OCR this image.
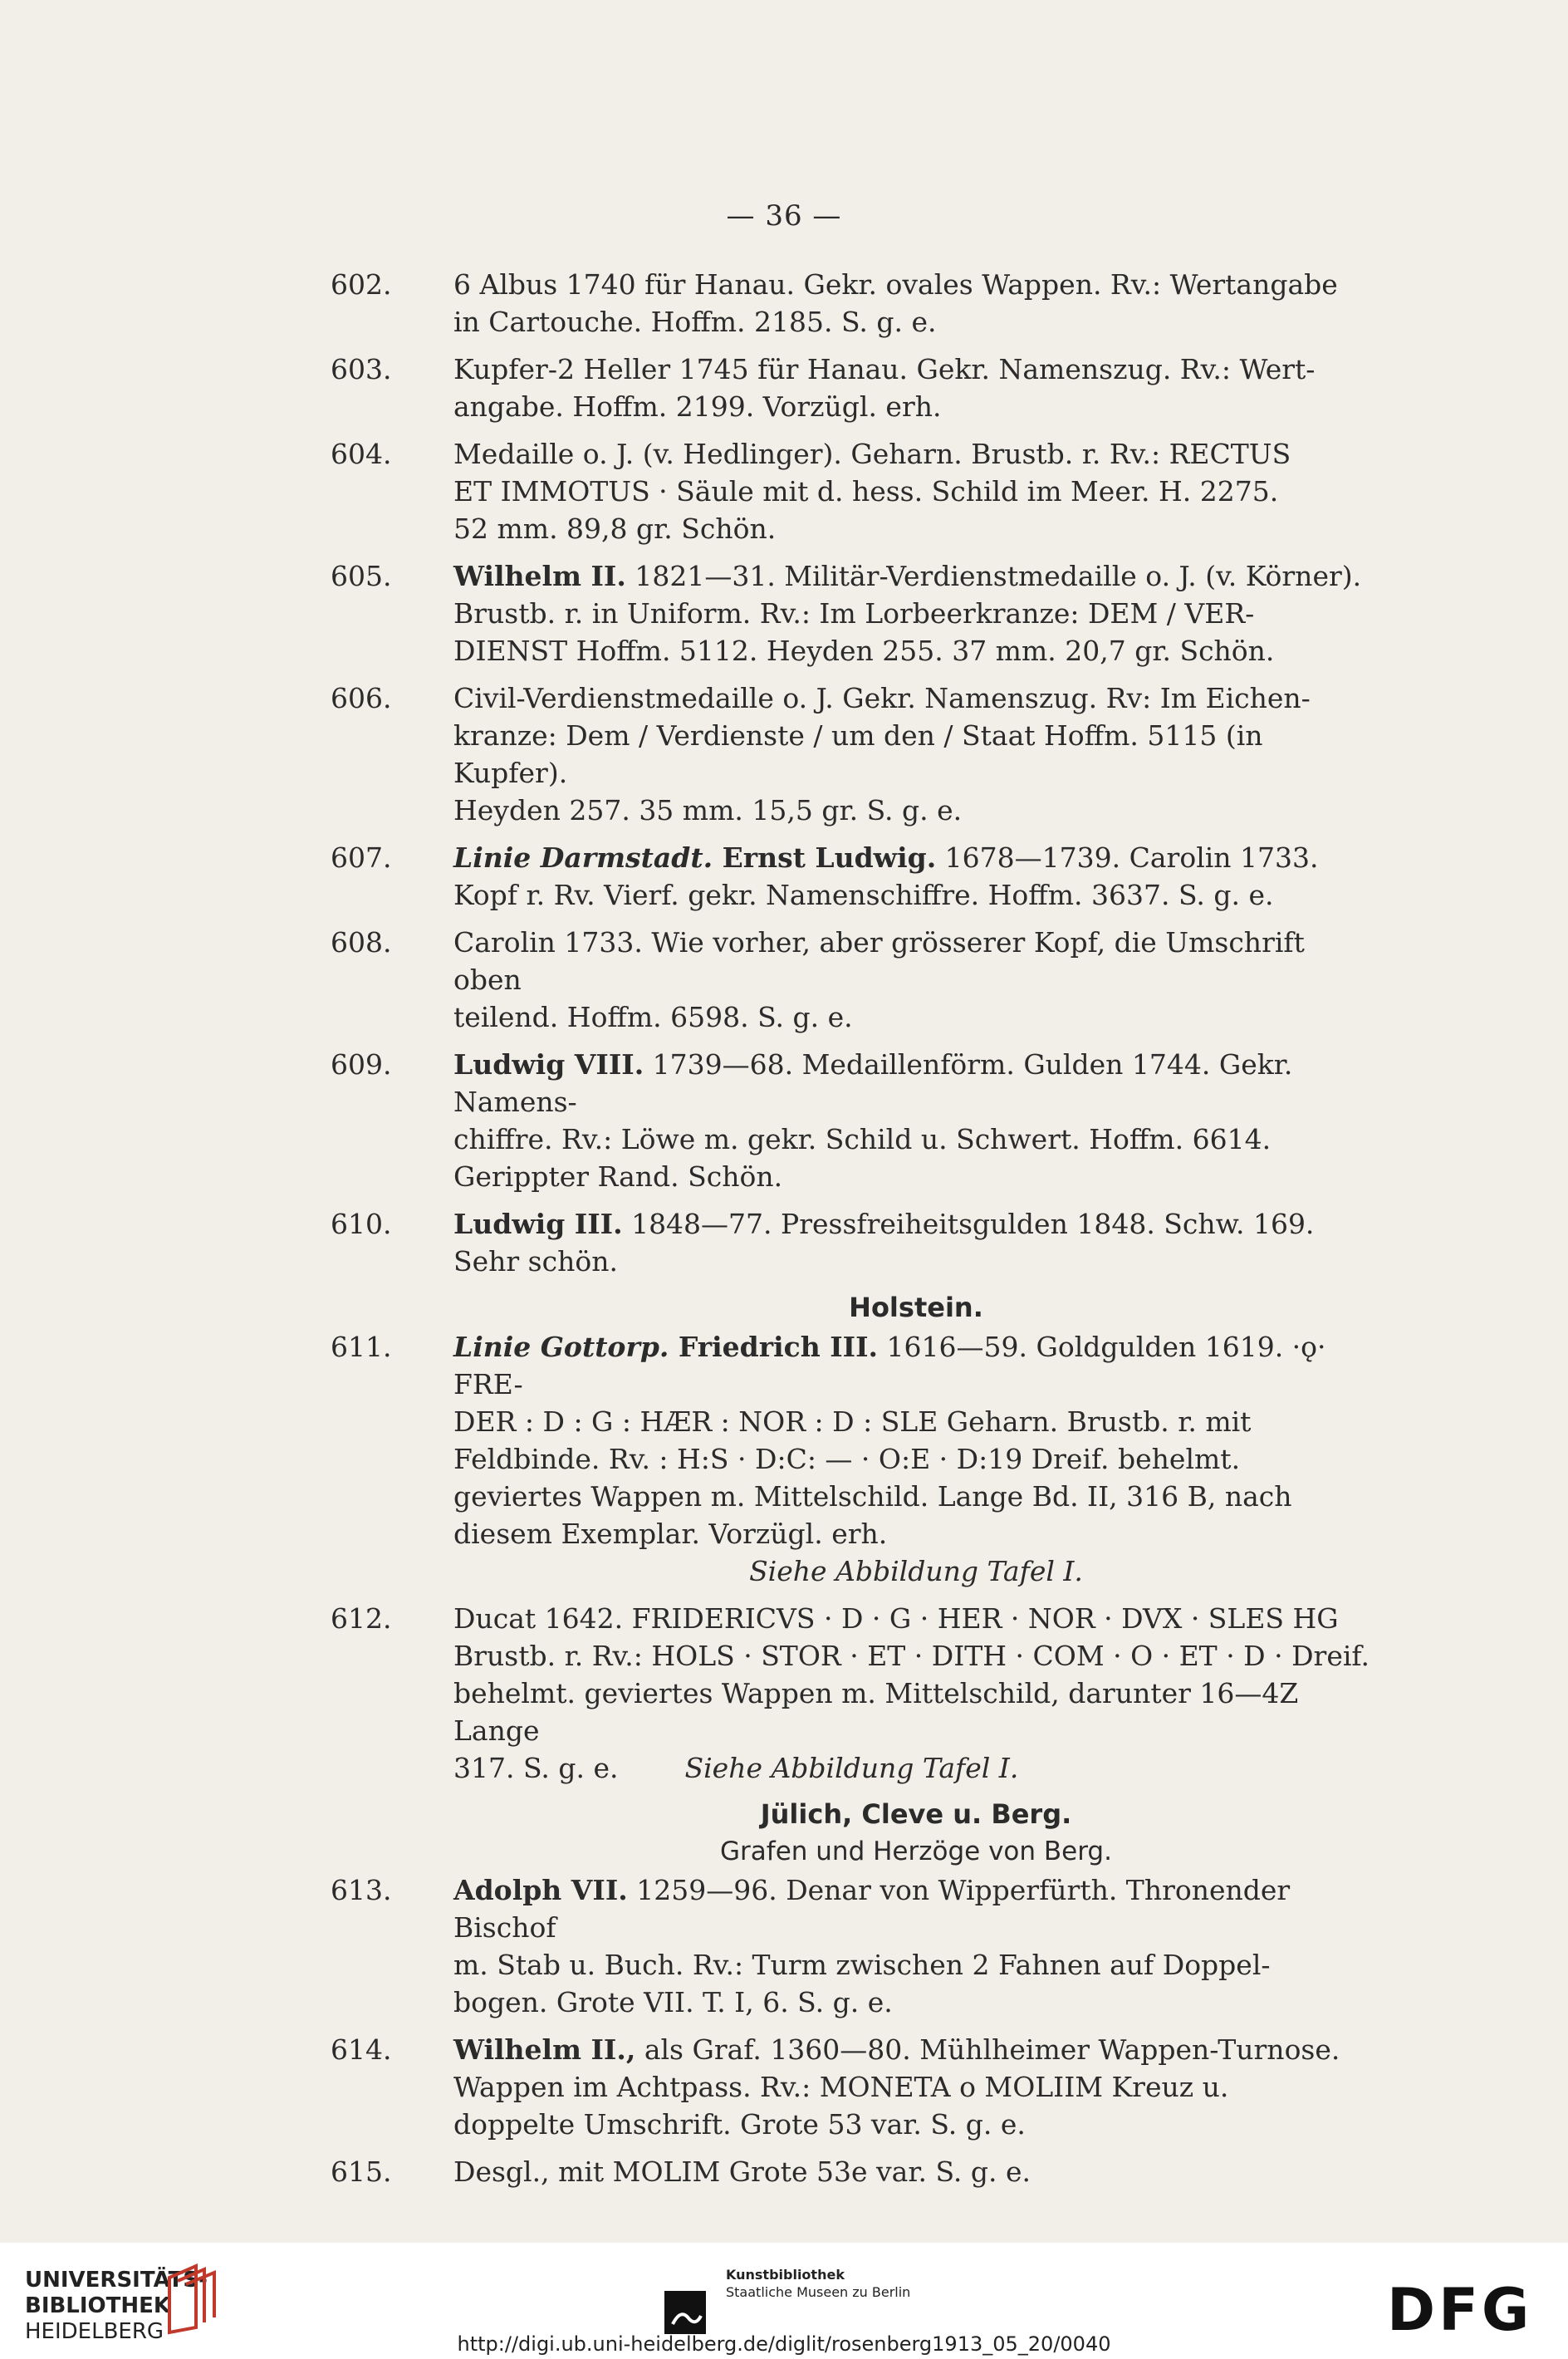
— 36 —
602. 6 Albus 1740 für Hanau. Gekr. ovales Wappen. Rv.: Wertangabe
in Cartouche. Hoffm. 2185. S. g. e.
603. Kupfer-2 Heller 1745 für Hanau. Gekr. Namenszug. Rv.: Wert-
angabe. Hoffm. 2199. Vorzügl. erh.
604. Medaille o. J. (v. Hedlinger). Geharn. Brustb. r. Rv.: RECTUS
ET IMMOTUS · Säule mit d. hess. Schild im Meer. H. 2275.
52 mm. 89,8 gr. Schön.
605. Wilhelm II. 1821—31. Militär-Verdienstmedaille o. J. (v. Körner).
Brustb. r. in Uniform. Rv.: Im Lorbeerkranze: DEM / VER-
DIENST Hoffm. 5112. Heyden 255. 37 mm. 20,7 gr. Schön.
606. Civil-Verdienstmedaille o. J. Gekr. Namenszug. Rv: Im Eichen-
kranze: Dem / Verdienste / um den / Staat Hoffm. 5115 (in Kupfer).
Heyden 257. 35 mm. 15,5 gr. S. g. e.
607. Linie Darmstadt. Ernst Ludwig. 1678—1739. Carolin 1733.
Kopf r. Rv. Vierf. gekr. Namenschiffre. Hoffm. 3637. S. g. e.
608. Carolin 1733. Wie vorher, aber grösserer Kopf, die Umschrift oben
teilend. Hoffm. 6598. S. g. e.
609. Ludwig VIII. 1739—68. Medaillenförm. Gulden 1744. Gekr. Namens-
chiffre. Rv.: Löwe m. gekr. Schild u. Schwert. Hoffm. 6614.
Gerippter Rand. Schön.
610. Ludwig III. 1848—77. Pressfreiheitsgulden 1848. Schw. 169.
Sehr schön.
Holstein.
611. Linie Gottorp. Friedrich III. 1616—59. Goldgulden 1619. ·ǫ· FRE-
DER : D : G : HÆR : NOR : D : SLE Geharn. Brustb. r. mit
Feldbinde. Rv. : H:S · D:C: — · O:E · D:19 Dreif. behelmt.
geviertes Wappen m. Mittelschild. Lange Bd. II, 316 B, nach
diesem Exemplar. Vorzügl. erh.
Siehe Abbildung Tafel I.
612. Ducat 1642. FRIDERICVS · D · G · HER · NOR · DVX · SLES HG
Brustb. r. Rv.: HOLS · STOR · ET · DITH · COM · O · ET · D · Dreif.
behelmt. geviertes Wappen m. Mittelschild, darunter 16—4Z Lange
317. S. g. e. Siehe Abbildung Tafel I.
Jülich, Cleve u. Berg.
Grafen und Herzöge von Berg.
613. Adolph VII. 1259—96. Denar von Wipperfürth. Thronender Bischof
m. Stab u. Buch. Rv.: Turm zwischen 2 Fahnen auf Doppel-
bogen. Grote VII. T. I, 6. S. g. e.
614. Wilhelm II., als Graf. 1360—80. Mühlheimer Wappen-Turnose.
Wappen im Achtpass. Rv.: MONETA o MOLIIM Kreuz u.
doppelte Umschrift. Grote 53 var. S. g. e.
615. Desgl., mit MOLIM Grote 53e var. S. g. e.
UNIVERSITÄTS-
BIBLIOTHEK
HEIDELBERG
Kunstbibliothek
Staatliche Museen zu Berlin	DFG
http://digi.ub.uni-heidelberg.de/diglit/rosenberg1913_05_20/0040
